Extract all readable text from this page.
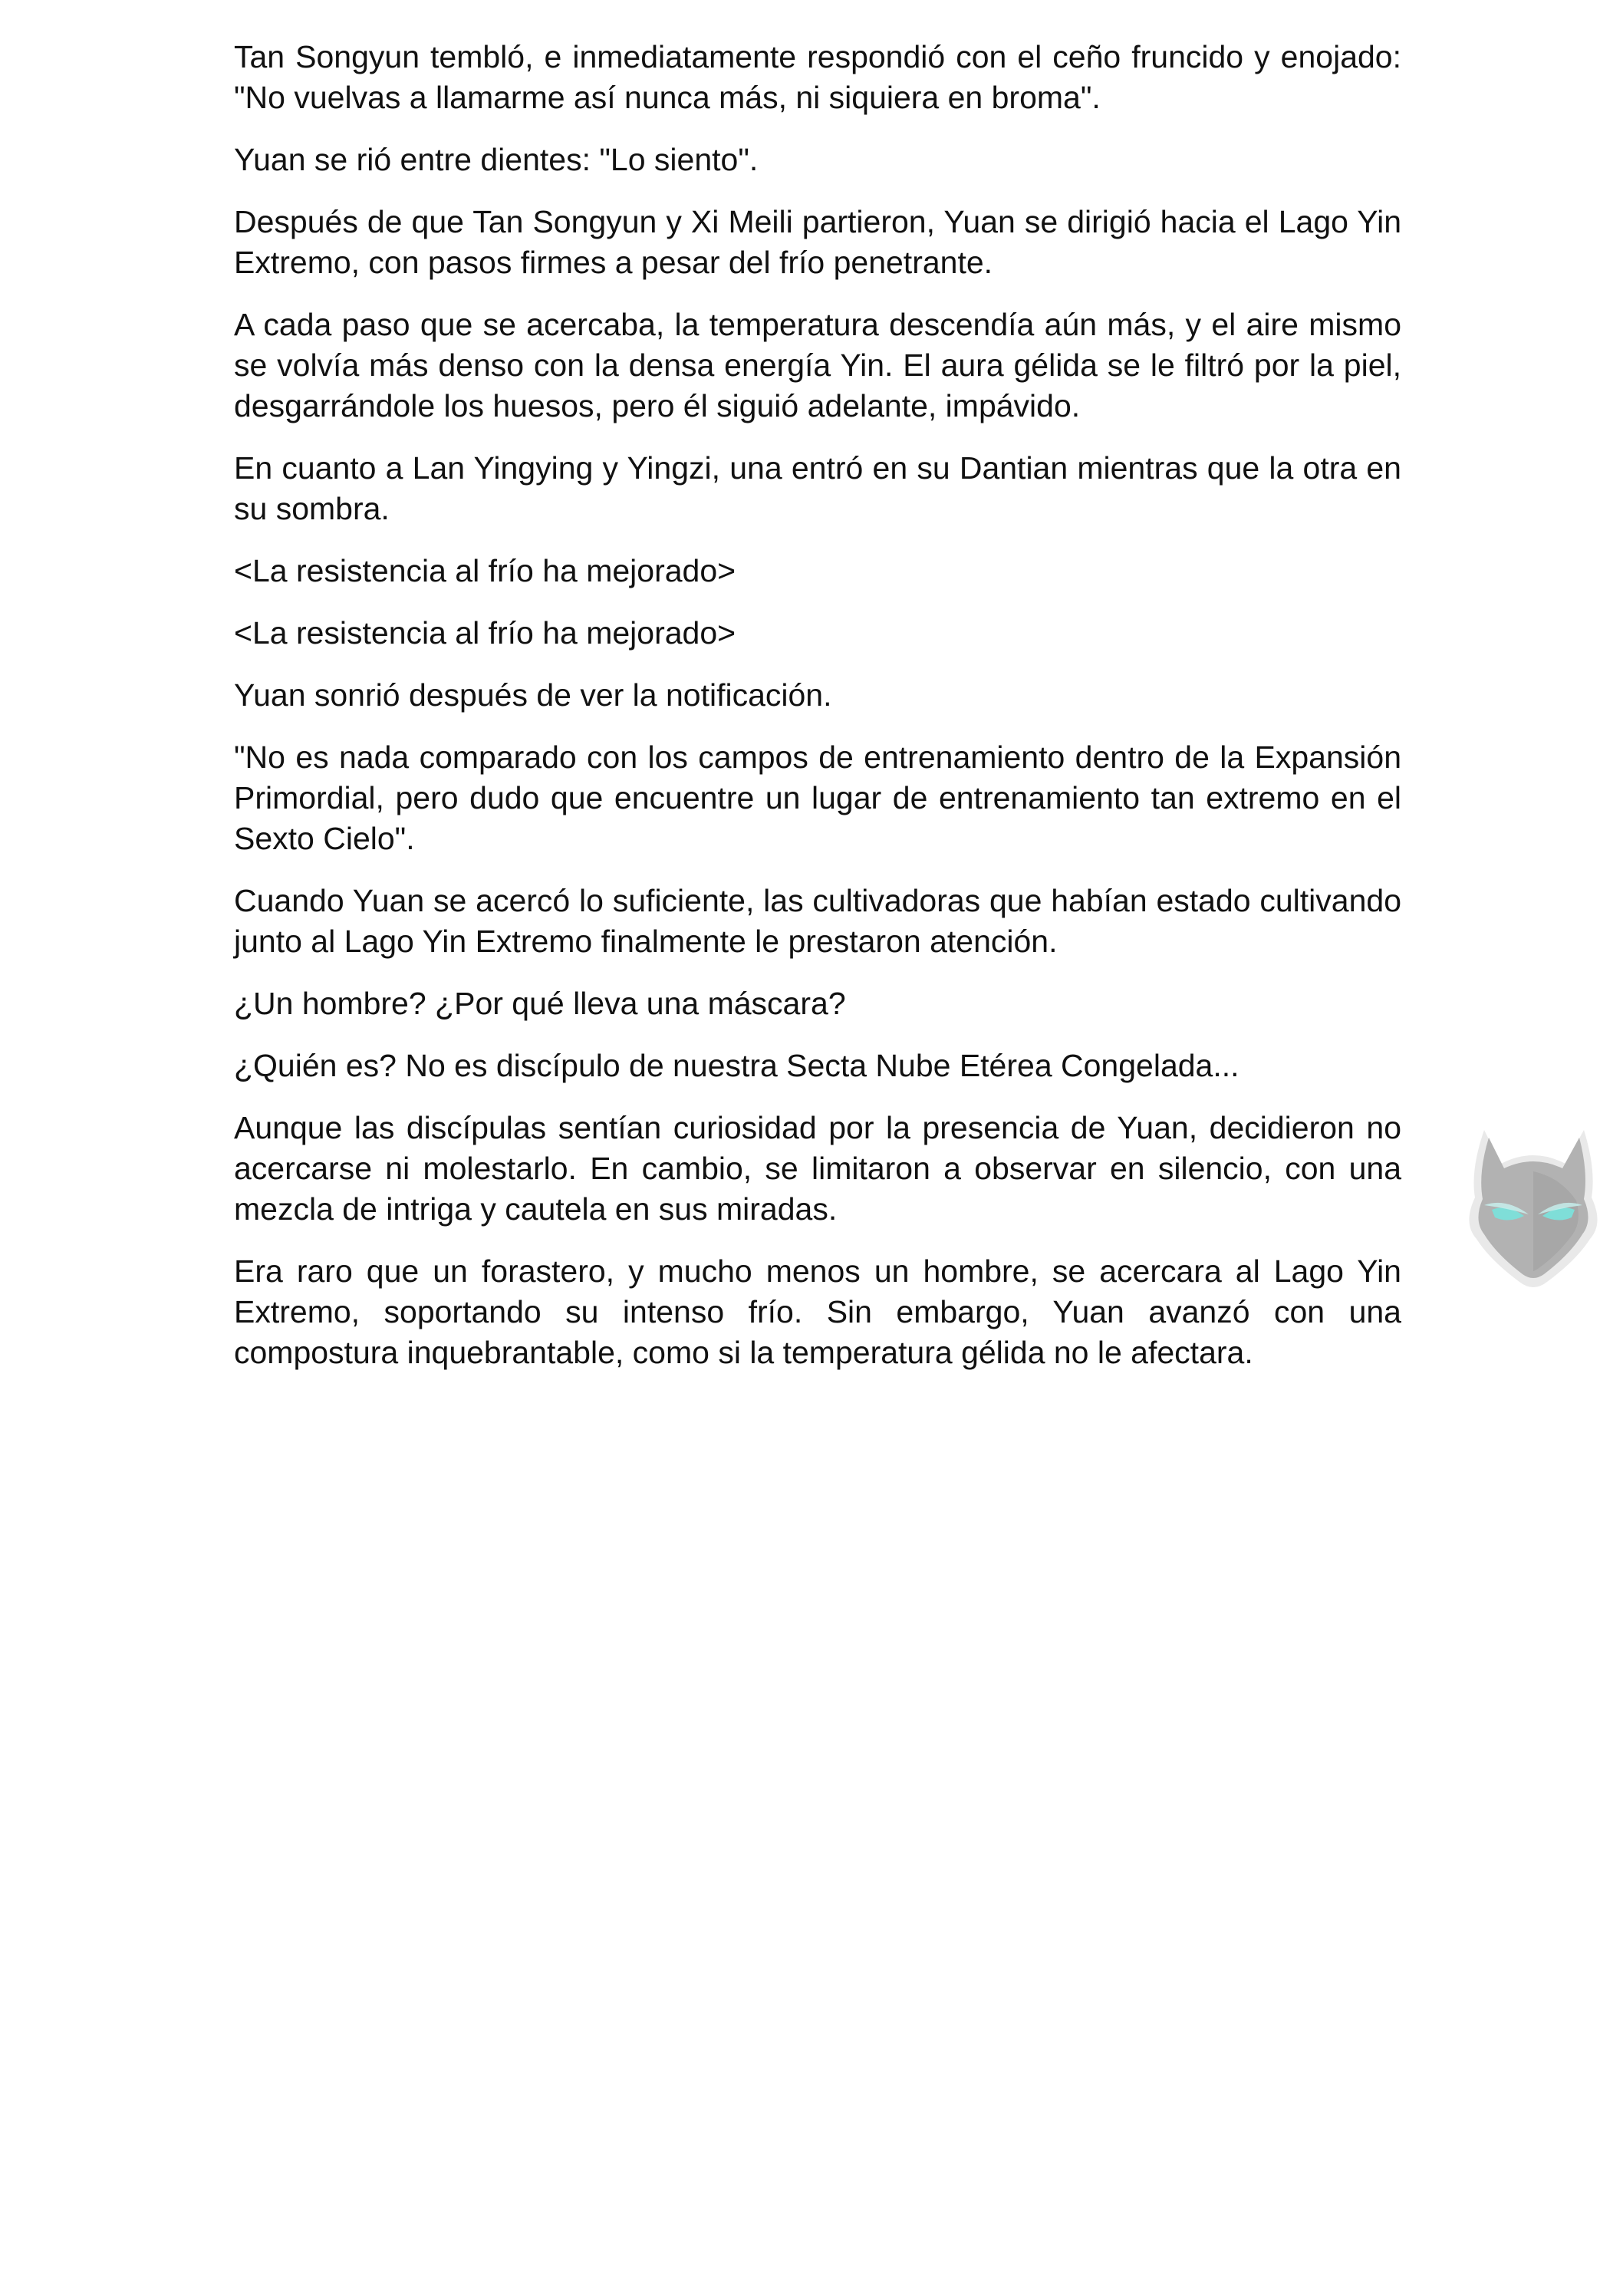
Tan Songyun tembló, e inmediatamente respondió con el ceño fruncido y enojado: "No vuelvas a llamarme así nunca más, ni siquiera en broma".

Yuan se rió entre dientes: "Lo siento".

Después de que Tan Songyun y Xi Meili partieron, Yuan se dirigió hacia el Lago Yin Extremo, con pasos firmes a pesar del frío penetrante.

A cada paso que se acercaba, la temperatura descendía aún más, y el aire mismo se volvía más denso con la densa energía Yin. El aura gélida se le filtró por la piel, desgarrándole los huesos, pero él siguió adelante, impávido.

En cuanto a Lan Yingying y Yingzi, una entró en su Dantian mientras que la otra en su sombra.

<La resistencia al frío ha mejorado>

<La resistencia al frío ha mejorado>

Yuan sonrió después de ver la notificación.

"No es nada comparado con los campos de entrenamiento dentro de la Expansión Primordial, pero dudo que encuentre un lugar de entrenamiento tan extremo en el Sexto Cielo".

Cuando Yuan se acercó lo suficiente, las cultivadoras que habían estado cultivando junto al Lago Yin Extremo finalmente le prestaron atención.

¿Un hombre? ¿Por qué lleva una máscara?

¿Quién es? No es discípulo de nuestra Secta Nube Etérea Congelada...

Aunque las discípulas sentían curiosidad por la presencia de Yuan, decidieron no acercarse ni molestarlo. En cambio, se limitaron a observar en silencio, con una mezcla de intriga y cautela en sus miradas.

Era raro que un forastero, y mucho menos un hombre, se acercara al Lago Yin Extremo, soportando su intenso frío. Sin embargo, Yuan avanzó con una compostura inquebrantable, como si la temperatura gélida no le afectara.
